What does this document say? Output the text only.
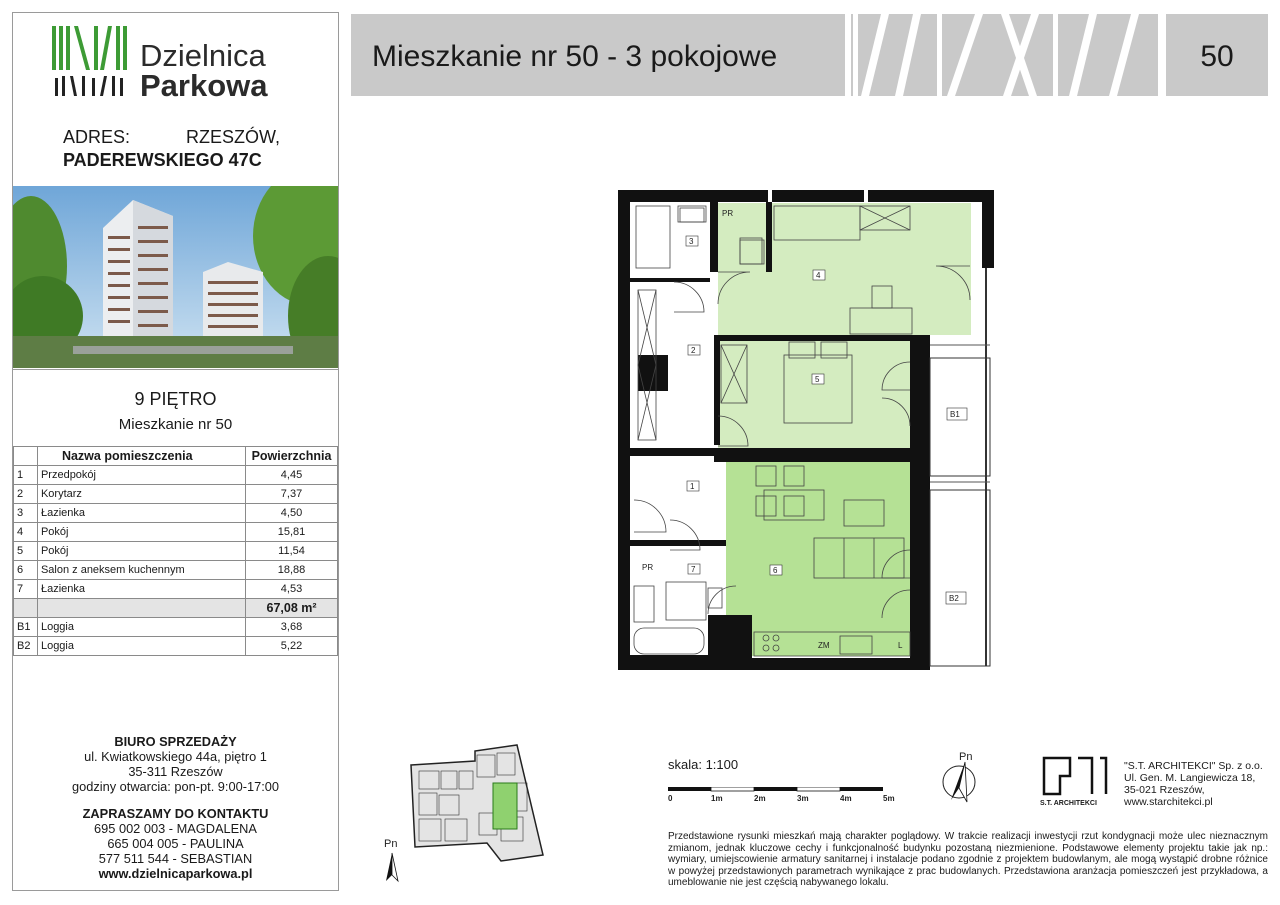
Dzielnica
Parkowa
ADRES:	RZESZÓW,
PADEREWSKIEGO 47C
9 PIĘTRO
Mieszkanie nr 50
	Nazwa pomieszczenia	Powierzchnia
1	Przedpokój	4,45
2	Korytarz	7,37
3	Łazienka	4,50
4	Pokój	15,81
5	Pokój	11,54
6	Salon z aneksem kuchennym	18,88
7	Łazienka	4,53
		67,08 m²
B1	Loggia	3,68
B2	Loggia	5,22
BIURO SPRZEDAŻY
ul. Kwiatkowskiego 44a, piętro 1
35-311 Rzeszów
godziny otwarcia: pon-pt. 9:00-17:00
ZAPRASZAMY DO KONTAKTU
695 002 003 - MAGDALENA
665 004 005 - PAULINA
577 511 544 - SEBASTIAN
www.dzielnicaparkowa.pl
Mieszkanie nr 50 - 3 pokojowe	50
4
5
2
3
1
6
7
B1
B2
PR
PR
ZM	L
Pn
skala: 1:100
0	1m	2m	3m	4m	5m
Pn
S.T. ARCHITEKCI
"S.T. ARCHITEKCI" Sp. z o.o.
Ul. Gen. M. Langiewicza 18,
35-021 Rzeszów,
www.starchitekci.pl
Przedstawione rysunki mieszkań mają charakter poglądowy. W trakcie realizacji inwestycji rzut kondygnacji może ulec nieznacznym zmianom, jednak kluczowe cechy i funkcjonalność budynku pozostaną niezmienione. Podstawowe elementy projektu takie jak np.: wymiary, umiejscowienie armatury sanitarnej i instalacje podano zgodnie z projektem budowlanym, ale mogą wystąpić drobne różnice w powyżej przedstawionych parametrach wynikające z prac budowlanych. Przedstawiona aranżacja pomieszczeń jest przykładowa, a umeblowanie nie jest częścią nabywanego lokalu.
